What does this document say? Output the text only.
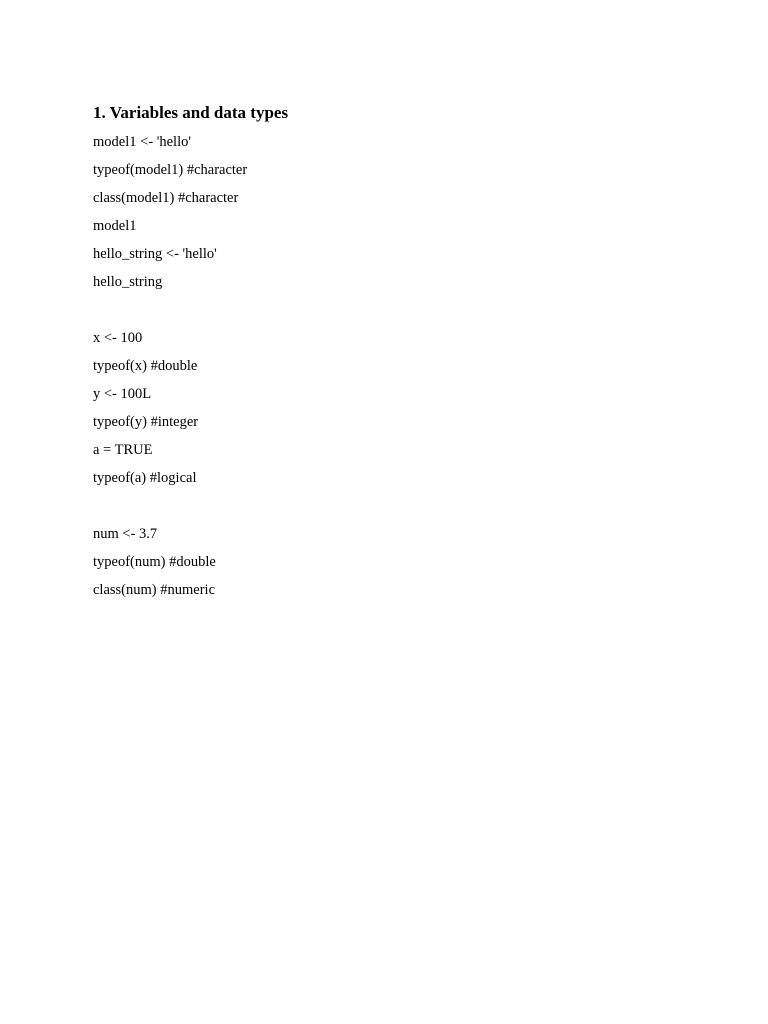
1. Variables and data types
model1 <- 'hello'
typeof(model1) #character
class(model1) #character
model1
hello_string <- 'hello'
hello_string
x <- 100
typeof(x) #double
y <- 100L
typeof(y) #integer
a = TRUE
typeof(a) #logical
num <- 3.7
typeof(num) #double
class(num) #numeric
